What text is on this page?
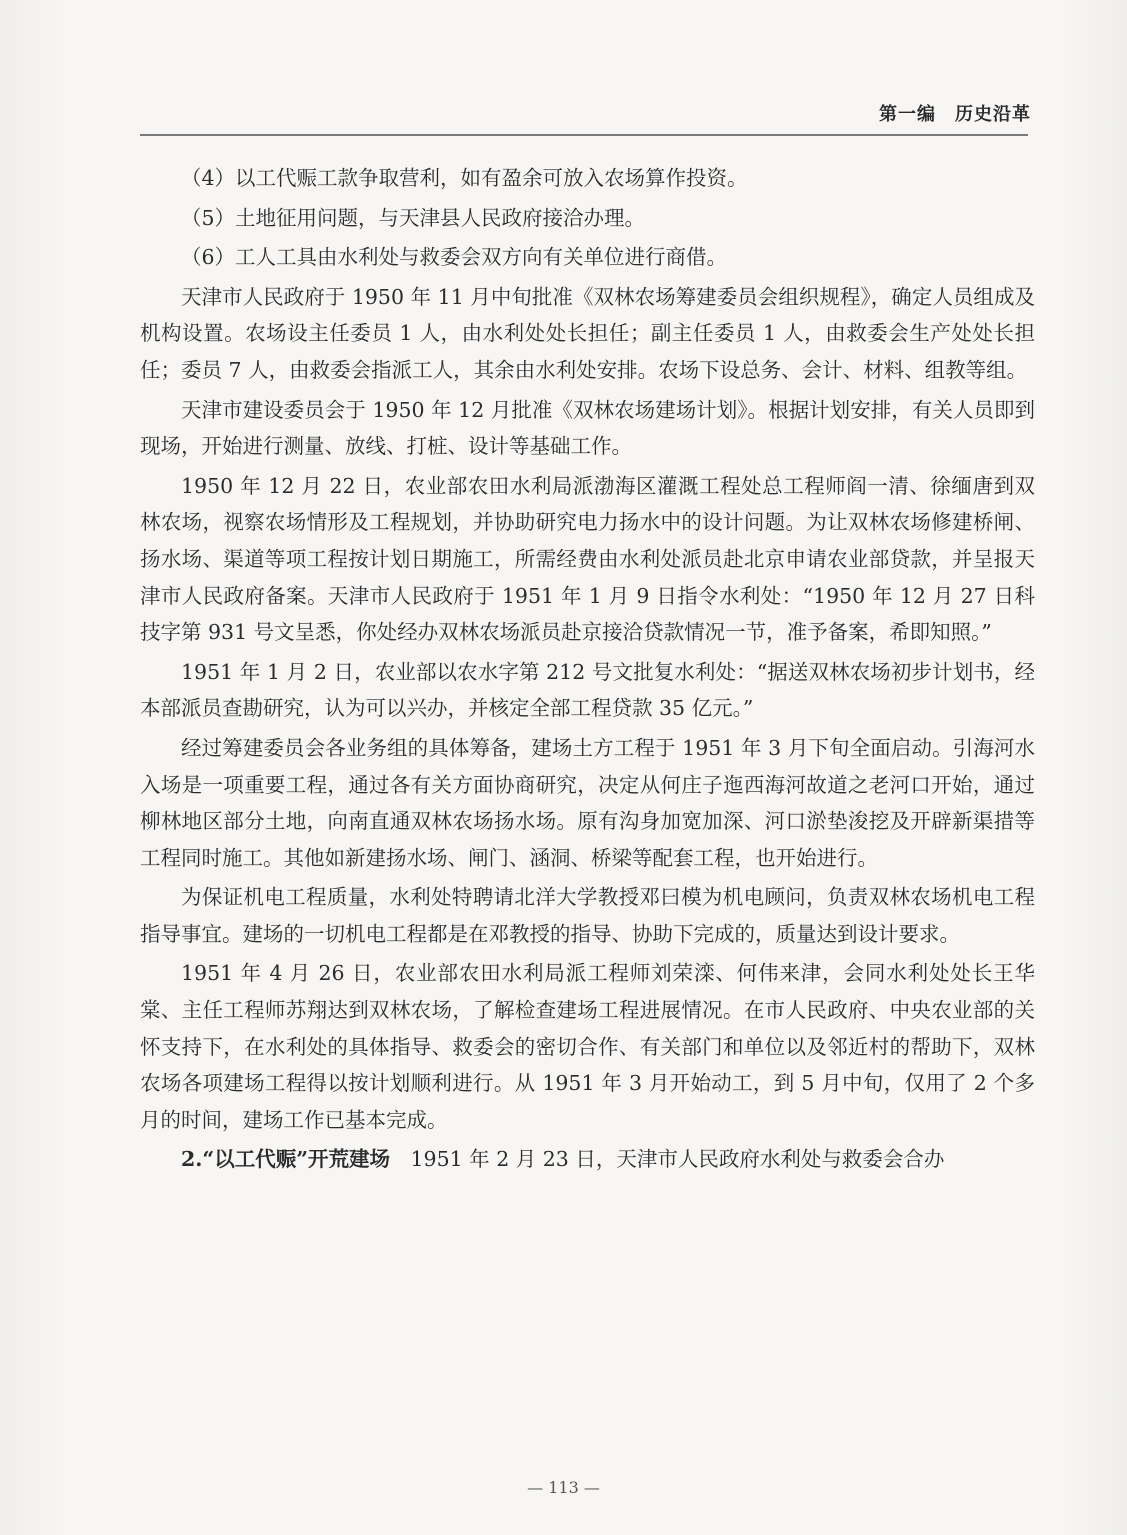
第一编　历史沿革

（4）以工代赈工款争取营利，如有盈余可放入农场算作投资。

（5）土地征用问题，与天津县人民政府接洽办理。

（6）工人工具由水利处与救委会双方向有关单位进行商借。

天津市人民政府于 1950 年 11 月中旬批准《双林农场筹建委员会组织规程》，确定人员组成及机构设置。农场设主任委员 1 人，由水利处处长担任；副主任委员 1 人，由救委会生产处处长担任；委员 7 人，由救委会指派工人，其余由水利处安排。农场下设总务、会计、材料、组教等组。

天津市建设委员会于 1950 年 12 月批准《双林农场建场计划》。根据计划安排，有关人员即到现场，开始进行测量、放线、打桩、设计等基础工作。

1950 年 12 月 22 日，农业部农田水利局派渤海区灌溉工程处总工程师阎一清、徐缅唐到双林农场，视察农场情形及工程规划，并协助研究电力扬水中的设计问题。为让双林农场修建桥闸、扬水场、渠道等项工程按计划日期施工，所需经费由水利处派员赴北京申请农业部贷款，并呈报天津市人民政府备案。天津市人民政府于 1951 年 1 月 9 日指令水利处：“1950 年 12 月 27 日科技字第 931 号文呈悉，你处经办双林农场派员赴京接洽贷款情况一节，准予备案，希即知照。”

1951 年 1 月 2 日，农业部以农水字第 212 号文批复水利处：“据送双林农场初步计划书，经本部派员查勘研究，认为可以兴办，并核定全部工程贷款 35 亿元。”

经过筹建委员会各业务组的具体筹备，建场土方工程于 1951 年 3 月下旬全面启动。引海河水入场是一项重要工程，通过各有关方面协商研究，决定从何庄子迤西海河故道之老河口开始，通过柳林地区部分土地，向南直通双林农场扬水场。原有沟身加宽加深、河口淤垫浚挖及开辟新渠措等工程同时施工。其他如新建扬水场、闸门、涵洞、桥梁等配套工程，也开始进行。

为保证机电工程质量，水利处特聘请北洋大学教授邓曰模为机电顾问，负责双林农场机电工程指导事宜。建场的一切机电工程都是在邓教授的指导、协助下完成的，质量达到设计要求。

1951 年 4 月 26 日，农业部农田水利局派工程师刘荣滦、何伟来津，会同水利处处长王华棠、主任工程师苏翔达到双林农场，了解检查建场工程进展情况。在市人民政府、中央农业部的关怀支持下，在水利处的具体指导、救委会的密切合作、有关部门和单位以及邻近村的帮助下，双林农场各项建场工程得以按计划顺利进行。从 1951 年 3 月开始动工，到 5 月中旬，仅用了 2 个多月的时间，建场工作已基本完成。

2.“以工代赈”开荒建场　1951 年 2 月 23 日，天津市人民政府水利处与救委会合办

— 113 —
